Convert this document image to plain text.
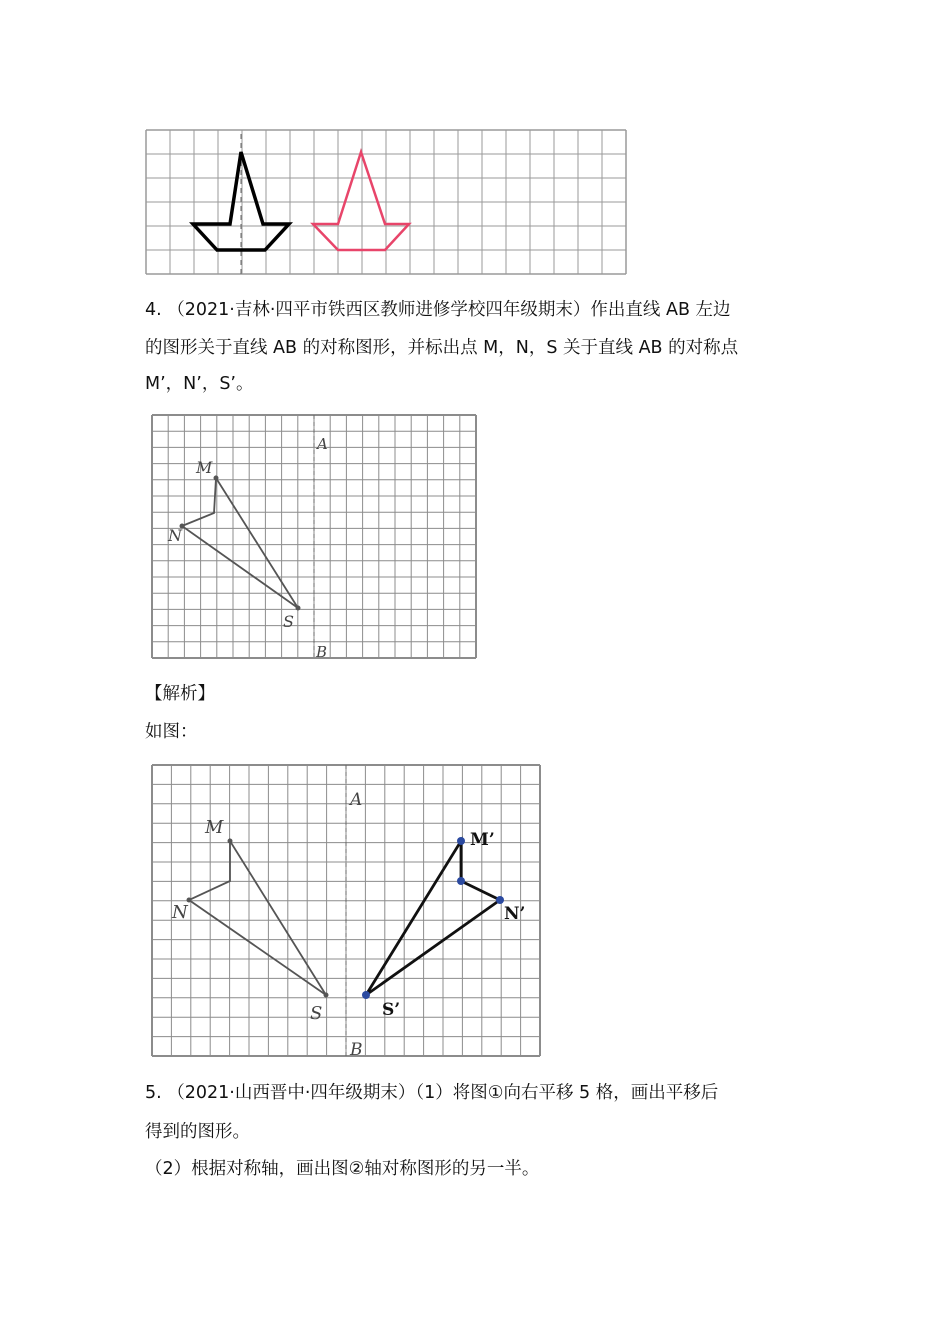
4. （2021·吉林·四平市铁西区教师进修学校四年级期末）作出直线 AB 左边
的图形关于直线 AB 的对称图形，并标出点 M，N，S 关于直线 AB 的对称点
M’，N’，S’。
A
B
M
N
S
【解析】
如图：
A
B
M
N
S
M’
N’
S’
5. （2021·山西晋中·四年级期末）（1）将图①向右平移 5 格，画出平移后
得到的图形。
（2）根据对称轴，画出图②轴对称图形的另一半。
